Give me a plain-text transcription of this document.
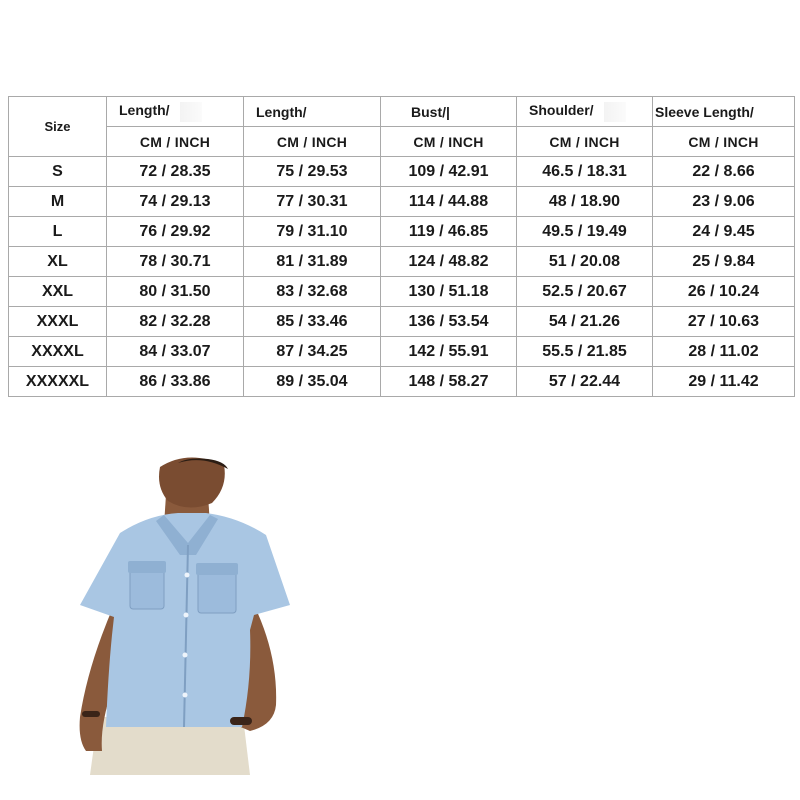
Size	Length/	Length/	Bust/|	Shoulder/	Sleeve Length/
	CM / INCH	CM / INCH	CM / INCH	CM / INCH	CM / INCH
S	72 / 28.35	75 / 29.53	109 / 42.91	46.5 / 18.31	22 / 8.66
M	74 / 29.13	77 / 30.31	114 / 44.88	48 / 18.90	23 / 9.06
L	76 / 29.92	79 / 31.10	119 / 46.85	49.5 / 19.49	24 / 9.45
XL	78 / 30.71	81 / 31.89	124 / 48.82	51 / 20.08	25 / 9.84
XXL	80 / 31.50	83 / 32.68	130 / 51.18	52.5 / 20.67	26 / 10.24
XXXL	82 / 32.28	85 / 33.46	136 / 53.54	54 / 21.26	27 / 10.63
XXXXL	84 / 33.07	87 / 34.25	142 / 55.91	55.5 / 21.85	28 / 11.02
XXXXXL	86 / 33.86	89 / 35.04	148 / 58.27	57 / 22.44	29 / 11.42
